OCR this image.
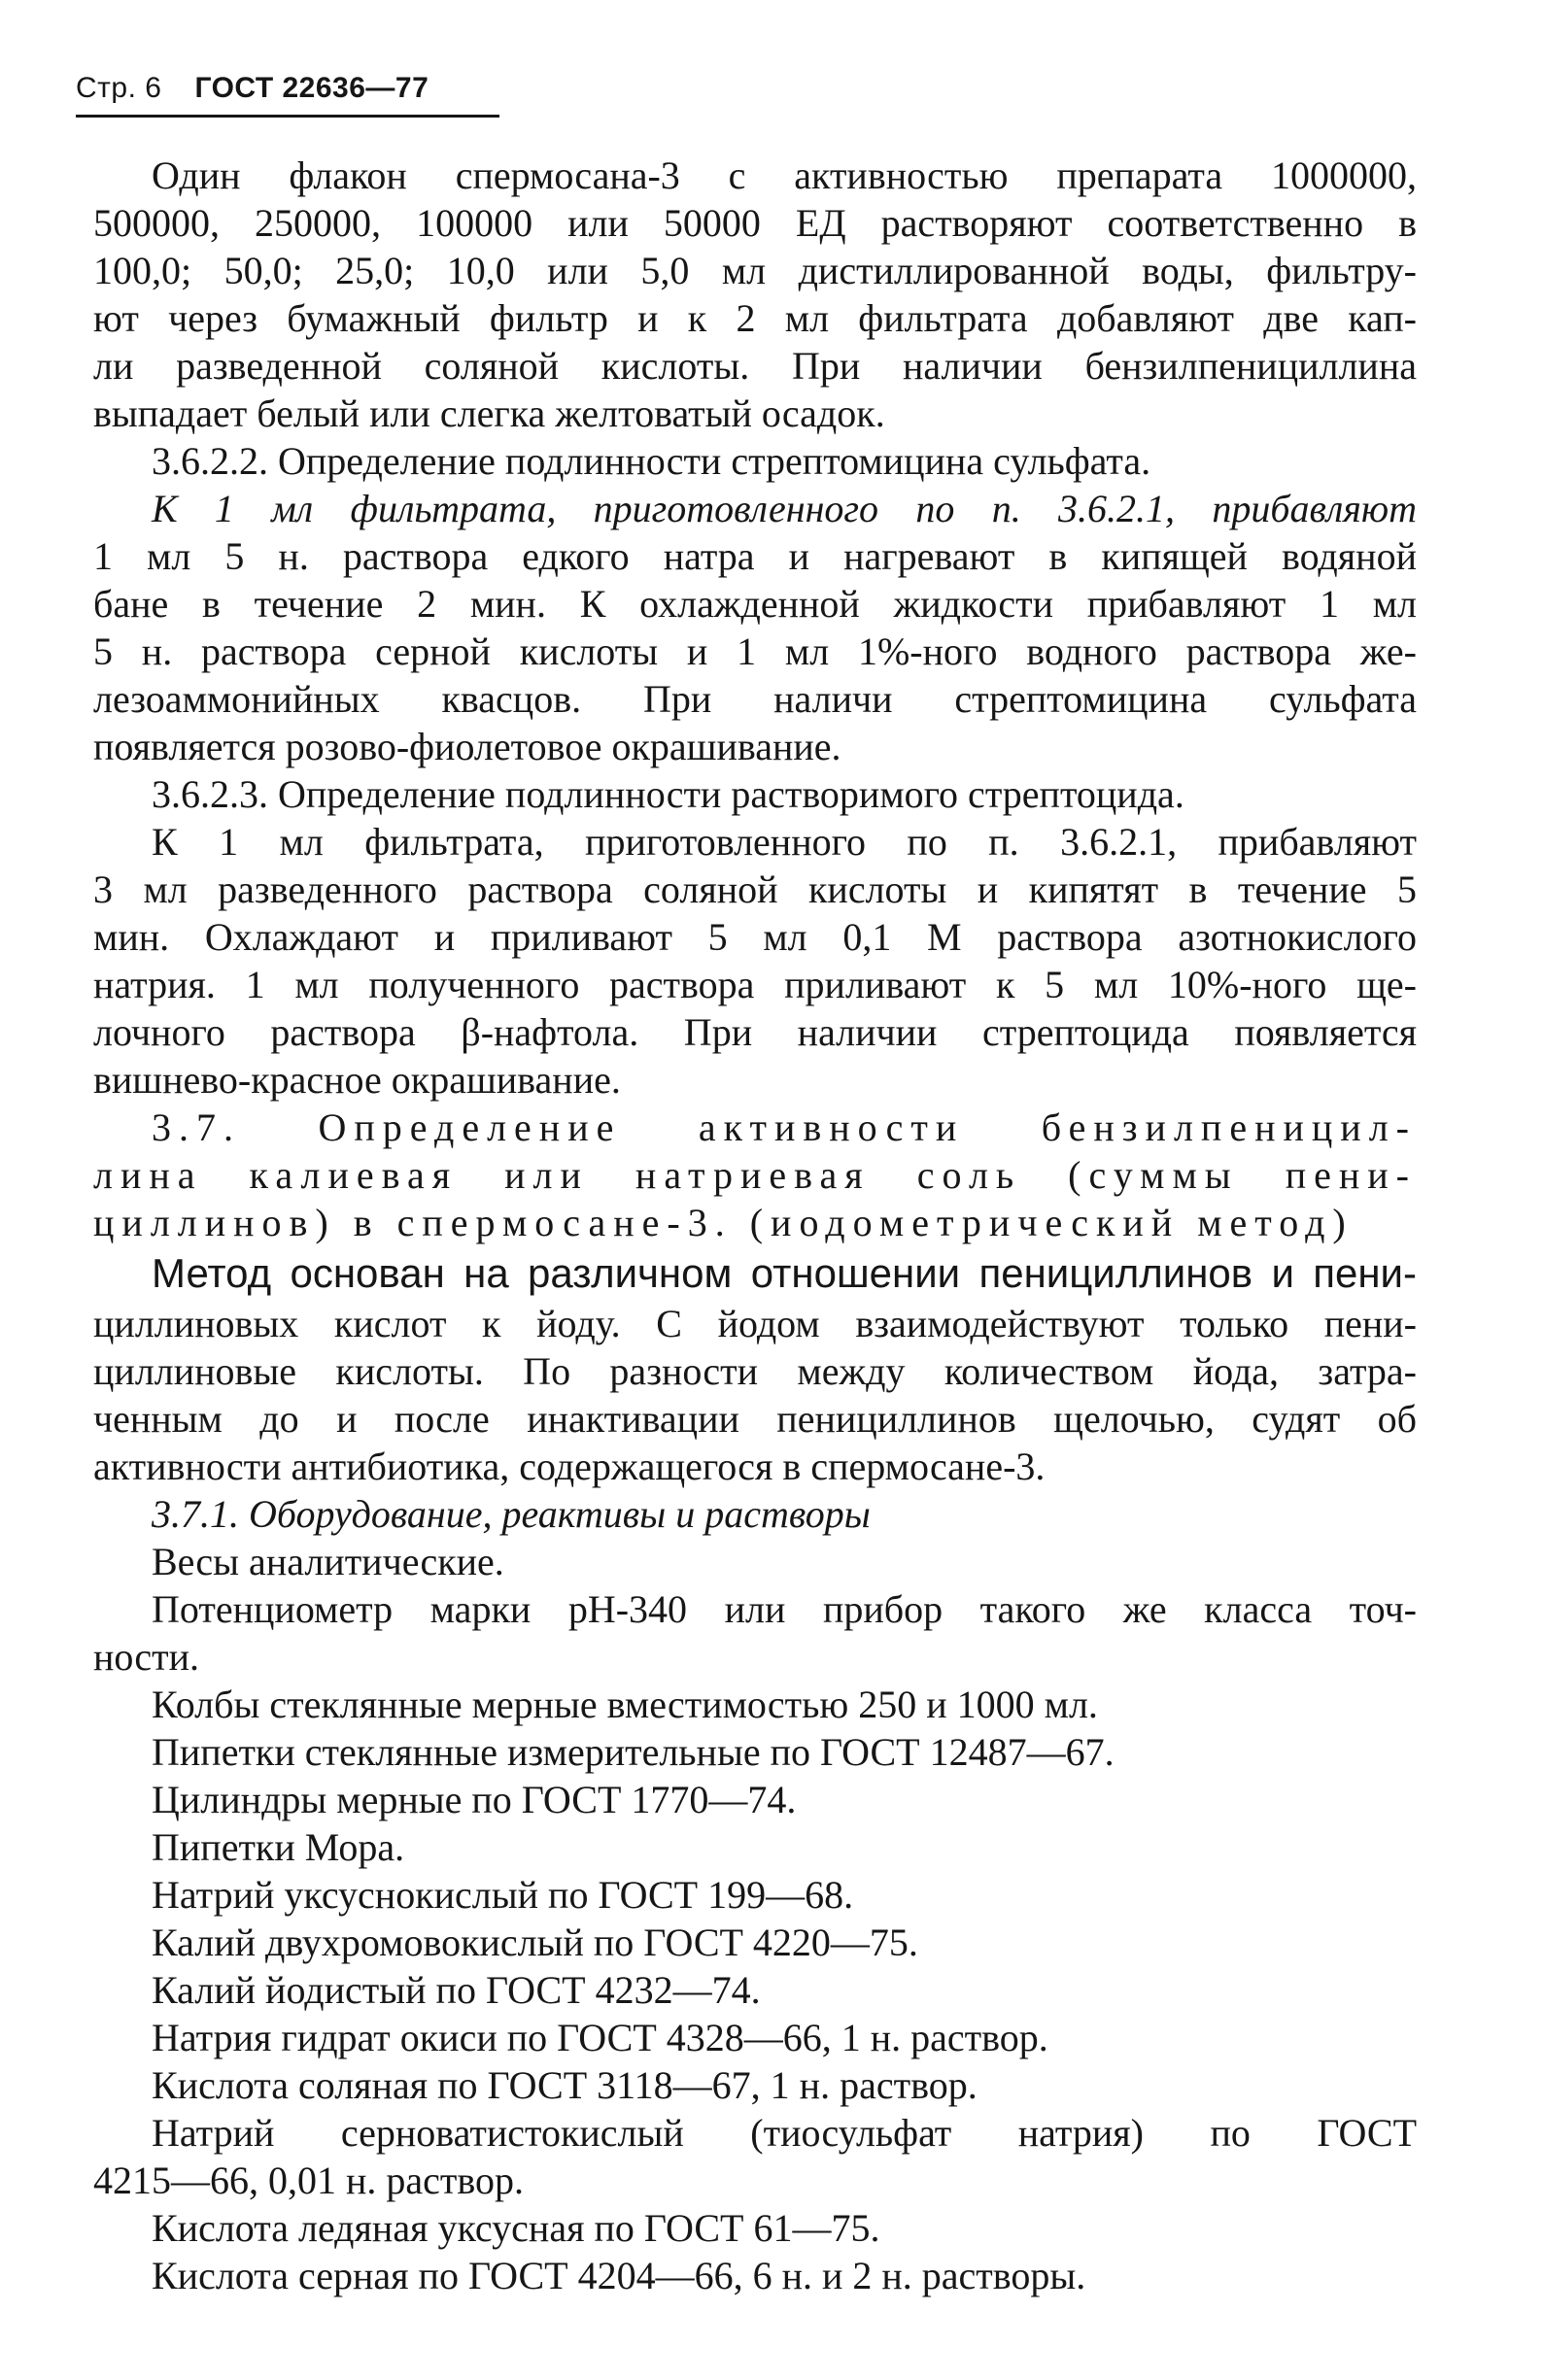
Стр. 6 ГОСТ 22636—77
Один флакон спермосана-3 с активностью препарата 1000000,
500000, 250000, 100000 или 50000 ЕД растворяют соответственно в
100,0; 50,0; 25,0; 10,0 или 5,0 мл дистиллированной воды, фильтру-
ют через бумажный фильтр и к 2 мл фильтрата добавляют две кап-
ли разведенной соляной кислоты. При наличии бензилпенициллина
выпадает белый или слегка желтоватый осадок.
3.6.2.2. Определение подлинности стрептомицина сульфата.
К 1 мл фильтрата, приготовленного по п. 3.6.2.1, прибавляют
1 мл 5 н. раствора едкого натра и нагревают в кипящей водяной
бане в течение 2 мин. К охлажденной жидкости прибавляют 1 мл
5 н. раствора серной кислоты и 1 мл 1%-ного водного раствора же-
лезоаммонийных квасцов. При наличи стрептомицина сульфата
появляется розово-фиолетовое окрашивание.
3.6.2.3. Определение подлинности растворимого стрептоцида.
К 1 мл фильтрата, приготовленного по п. 3.6.2.1, прибавляют
3 мл разведенного раствора соляной кислоты и кипятят в течение 5
мин. Охлаждают и приливают 5 мл 0,1 М раствора азотнокислого
натрия. 1 мл полученного раствора приливают к 5 мл 10%-ного ще-
лочного раствора β-нафтола. При наличии стрептоцида появляется
вишнево-красное окрашивание.
3.7. Определение активности бензилпеницил-
лина калиевая или натриевая соль (суммы пени-
циллинов) в спермосане-3. (иодометрический метод)
Метод основан на различном отношении пенициллинов и пени-
циллиновых кислот к йоду. С йодом взаимодействуют только пени-
циллиновые кислоты. По разности между количеством йода, затра-
ченным до и после инактивации пенициллинов щелочью, судят об
активности антибиотика, содержащегося в спермосане-3.
3.7.1. Оборудование, реактивы и растворы
Весы аналитические.
Потенциометр марки рН-340 или прибор такого же класса точ-
ности.
Колбы стеклянные мерные вместимостью 250 и 1000 мл.
Пипетки стеклянные измерительные по ГОСТ 12487—67.
Цилиндры мерные по ГОСТ 1770—74.
Пипетки Мора.
Натрий уксуснокислый по ГОСТ 199—68.
Калий двухромовокислый по ГОСТ 4220—75.
Калий йодистый по ГОСТ 4232—74.
Натрия гидрат окиси по ГОСТ 4328—66, 1 н. раствор.
Кислота соляная по ГОСТ 3118—67, 1 н. раствор.
Натрий серноватистокислый (тиосульфат натрия) по ГОСТ
4215—66, 0,01 н. раствор.
Кислота ледяная уксусная по ГОСТ 61—75.
Кислота серная по ГОСТ 4204—66, 6 н. и 2 н. растворы.
